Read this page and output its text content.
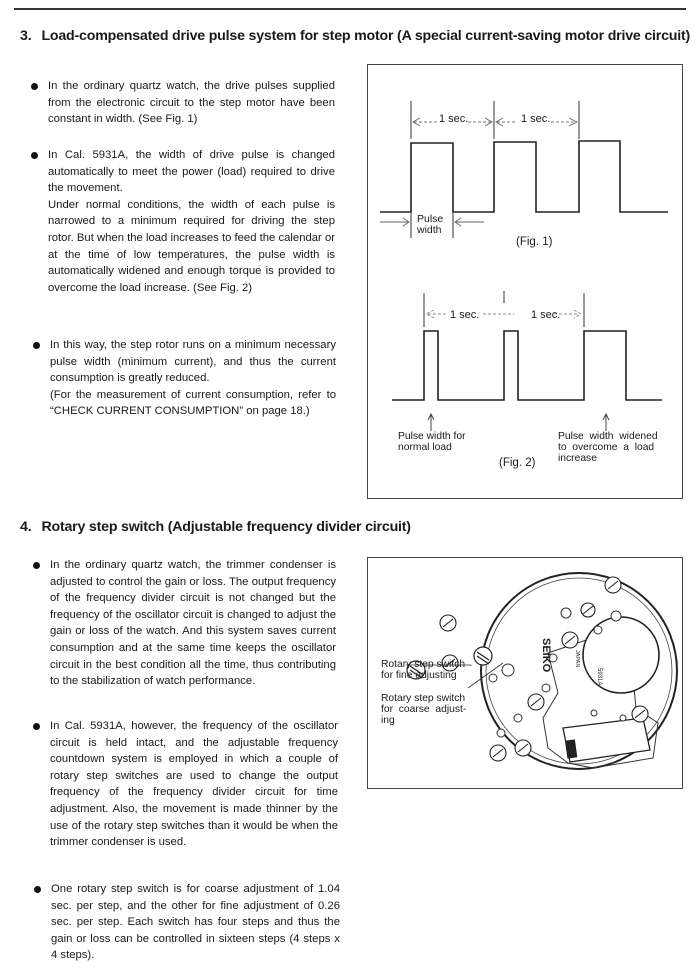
3. Load-compensated drive pulse system for step motor (A special current-saving motor drive circuit)

In the ordinary quartz watch, the drive pulses supplied from the electronic circuit to the step motor have been constant in width. (See Fig. 1)

In Cal. 5931A, the width of drive pulse is changed automatically to meet the power (load) required to drive the movement.

Under normal conditions, the width of each pulse is narrowed to a minimum required for driving the step rotor. But when the load increases to feed the calendar or at the time of low temperatures, the pulse width is automatically widened and enough torque is provided to overcome the load increase. (See Fig. 2)

In this way, the step rotor runs on a minimum necessary pulse width (minimum current), and thus the current consumption is greatly reduced.

(For the measurement of current consumption, refer to “CHECK CURRENT CONSUMPTION” on page 18.)

1 sec.	1 sec.
Pulse
width
(Fig. 1)
1 sec.	1 sec.
Pulse width for
normal load
Pulse  width  widened
to  overcome  a  load
increase
(Fig. 2)
4. Rotary step switch (Adjustable frequency divider circuit)

In the ordinary quartz watch, the trimmer condenser is adjusted to control the gain or loss. The output frequency of the frequency divider circuit is not changed but the frequency of the oscillator circuit is changed to adjust the gain or loss of the watch. And this system saves current consumption and at the same time keeps the oscillator circuit in the best condition all the time, thus contributing to the stabilization of watch performance.

In Cal. 5931A, however, the frequency of the oscillator circuit is held intact, and the adjustable frequency countdown system is employed in which a couple of rotary step switches are used to change the output frequency of the frequency divider circuit for time adjustment. Also, the movement is made thinner by the use of the rotary step switches than it would be when the trimmer condenser is used.

One rotary step switch is for coarse adjustment of 1.04 sec. per step, and the other for fine adjustment of 0.26 sec. per step. Each switch has four steps and thus the gain or loss can be controlled in sixteen steps (4 steps x 4 steps).

SEIKO
5931A
JAPAN
Rotary step switch
for fine adjusting
Rotary step switch
for  coarse  adjust-
ing
